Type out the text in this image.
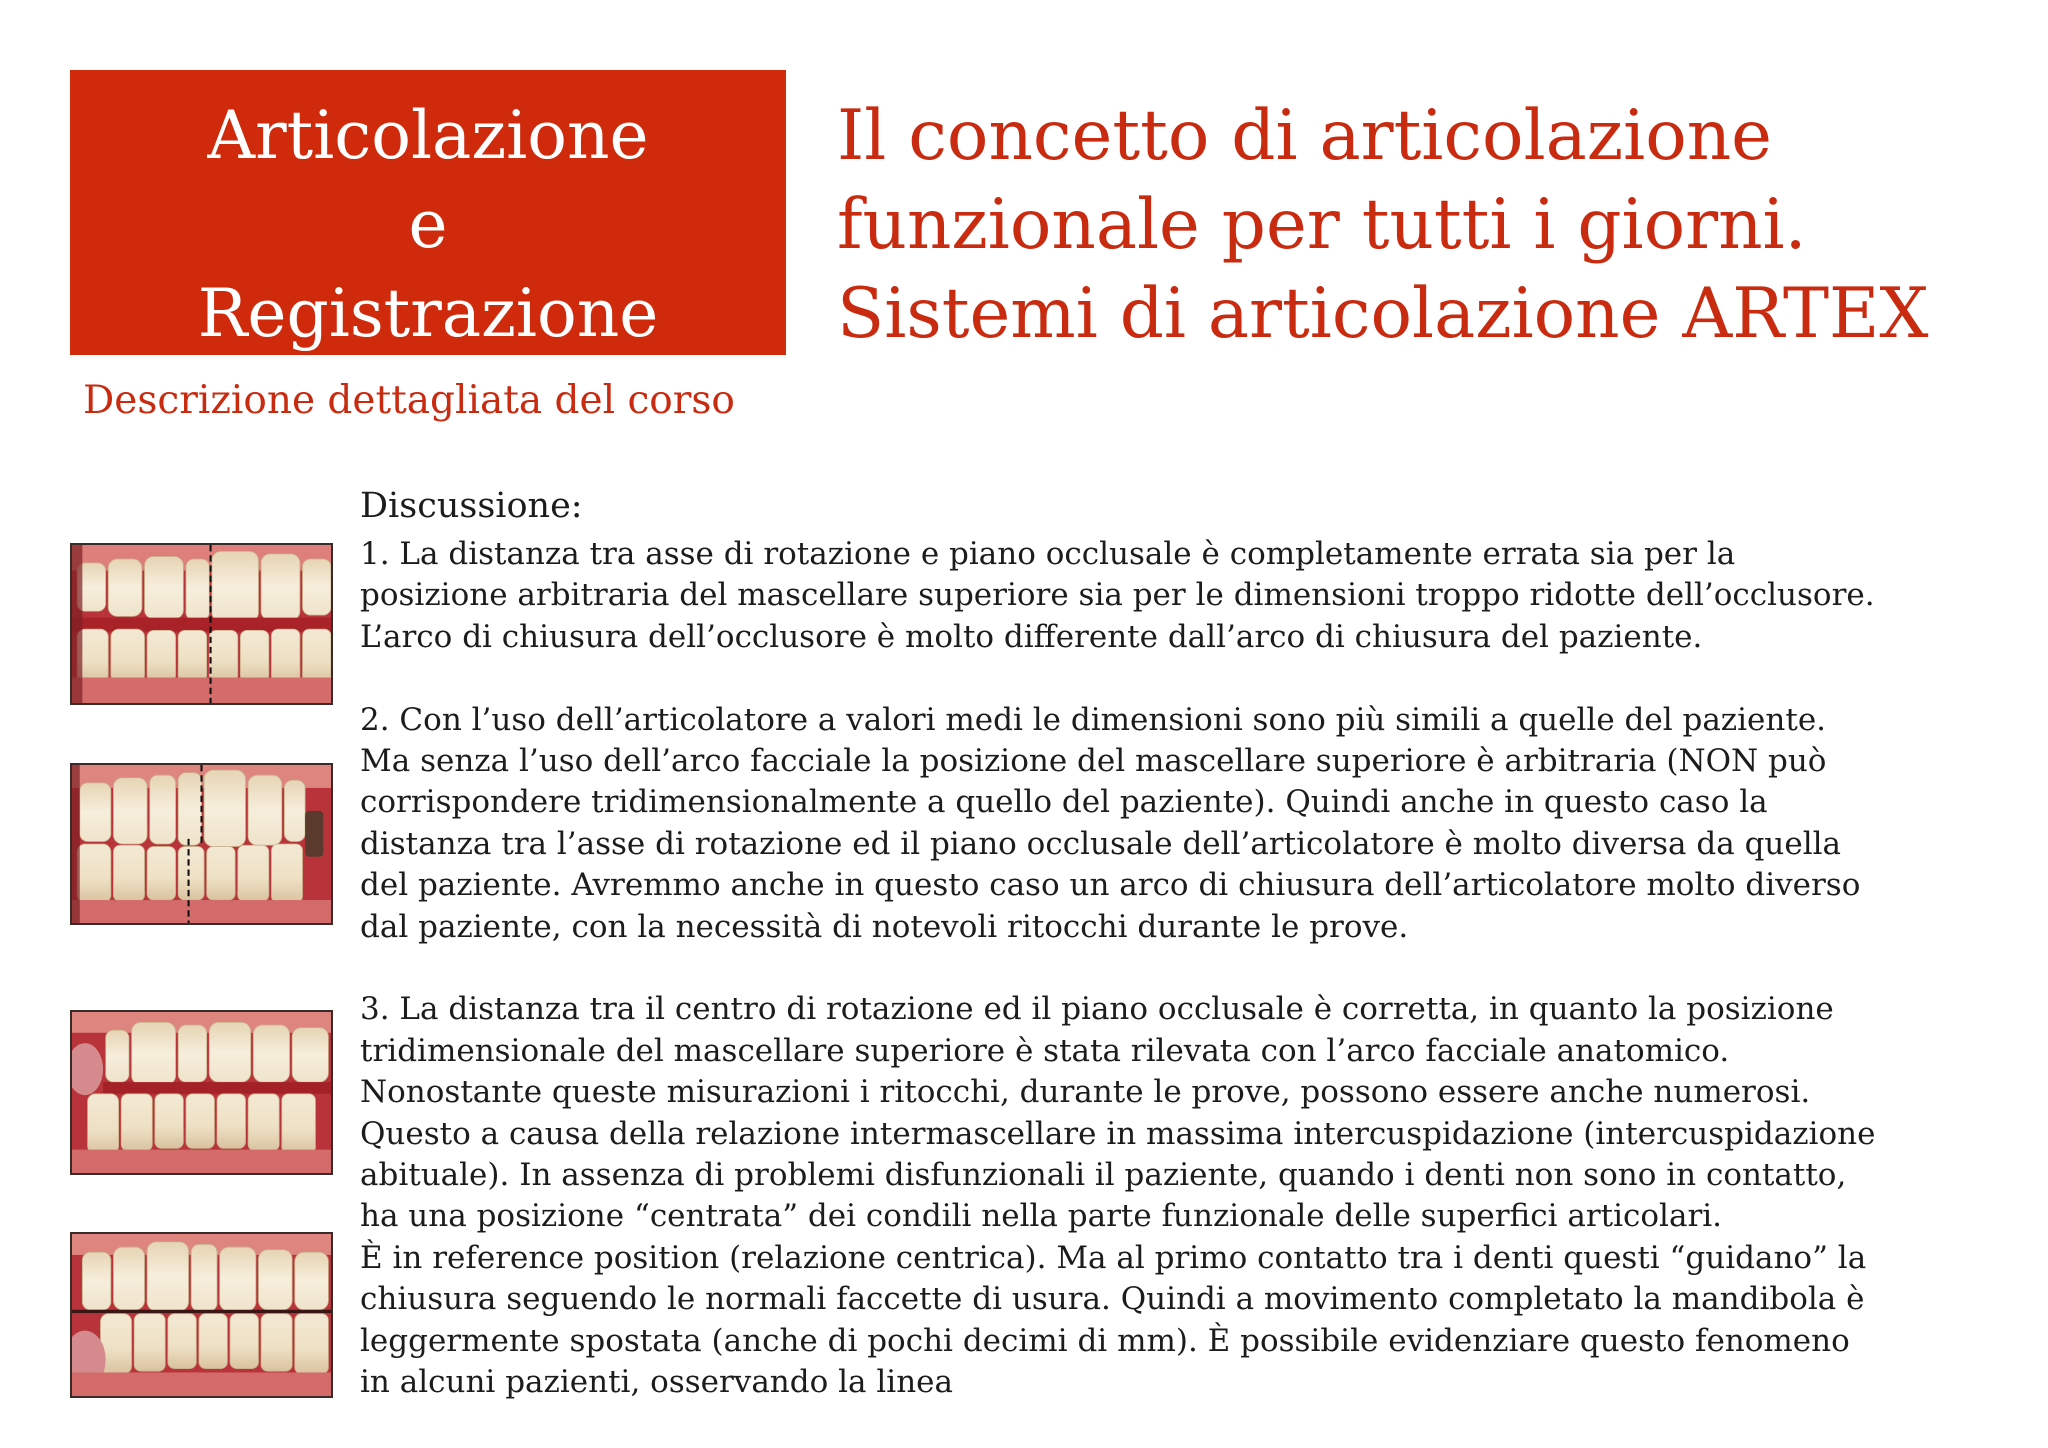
Articolazione
e
Registrazione
Descrizione dettagliata del corso
Il concetto di articolazione
funzionale per tutti i giorni.
Sistemi di articolazione ARTEX
Discussione:
1. La distanza tra asse di rotazione e piano occlusale è completamente errata sia per la
posizione arbitraria del mascellare superiore sia per le dimensioni troppo ridotte dell’occlusore.
L’arco di chiusura dell’occlusore è molto differente dall’arco di chiusura del paziente.
2. Con l’uso dell’articolatore a valori medi le dimensioni sono più simili a quelle del paziente.
Ma senza l’uso dell’arco facciale la posizione del mascellare superiore è arbitraria (NON può
corrispondere tridimensionalmente a quello del paziente). Quindi anche in questo caso la
distanza tra l’asse di rotazione ed il piano occlusale dell’articolatore è molto diversa da quella
del paziente. Avremmo anche in questo caso un arco di chiusura dell’articolatore molto diverso
dal paziente, con la necessità di notevoli ritocchi durante le prove.
3. La distanza tra il centro di rotazione ed il piano occlusale è corretta, in quanto la posizione
tridimensionale del mascellare superiore è stata rilevata con l’arco facciale anatomico.
Nonostante queste misurazioni i ritocchi, durante le prove, possono essere anche numerosi.
Questo a causa della relazione intermascellare in massima intercuspidazione (intercuspidazione
abituale). In assenza di problemi disfunzionali il paziente, quando i denti non sono in contatto,
ha una posizione “centrata” dei condili nella parte funzionale delle superfici articolari.
È in reference position (relazione centrica). Ma al primo contatto tra i denti questi “guidano” la
chiusura seguendo le normali faccette di usura. Quindi a movimento completato la mandibola è
leggermente spostata (anche di pochi decimi di mm). È possibile evidenziare questo fenomeno
in alcuni pazienti, osservando la linea
